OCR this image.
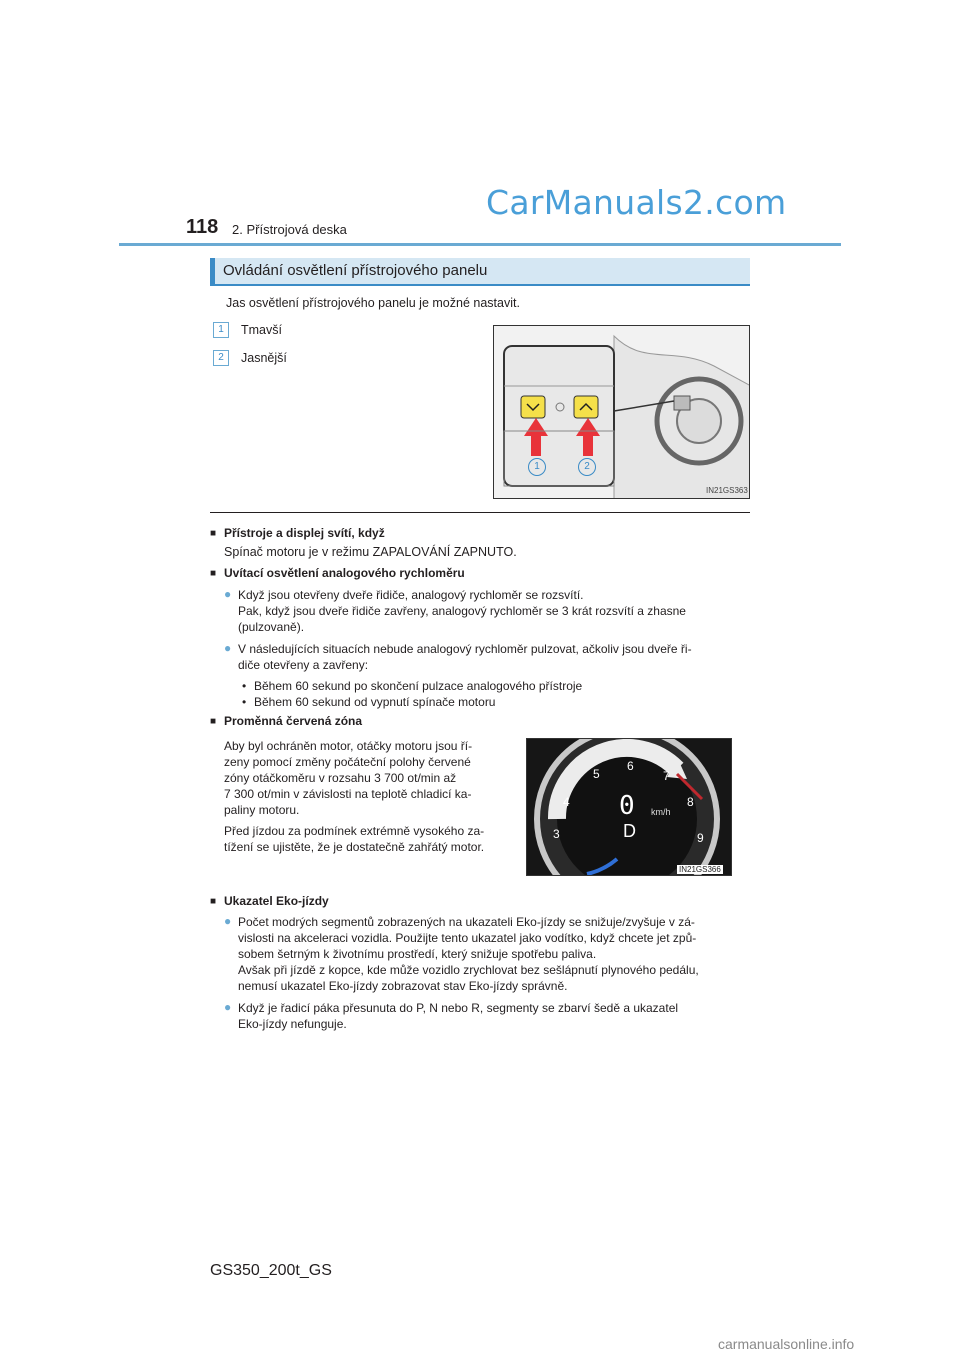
CarManuals2.com
118 2. Přístrojová deska
Ovládání osvětlení přístrojového panelu
Jas osvětlení přístrojového panelu je možné nastavit.
1	Tmavší
2	Jasnější
1	2
IN21GS363
■ Přístroje a displej svítí, když
Spínač motoru je v režimu ZAPALOVÁNÍ ZAPNUTO.
■ Uvítací osvětlení analogového rychloměru
● Když jsou otevřeny dveře řidiče, analogový rychloměr se rozsvítí.
Pak, když jsou dveře řidiče zavřeny, analogový rychloměr se 3 krát rozsvítí a zhasne
(pulzovaně).
● V následujících situacích nebude analogový rychloměr pulzovat, ačkoliv jsou dveře ři-
diče otevřeny a zavřeny:
• Během 60 sekund po skončení pulzace analogového přístroje
• Během 60 sekund od vypnutí spínače motoru
■ Proměnná červená zóna
Aby byl ochráněn motor, otáčky motoru jsou ří-
zeny pomocí změny počáteční polohy červené
zóny otáčkoměru v rozsahu 3 700 ot/min až
7 300 ot/min v závislosti na teplotě chladicí ka-
paliny motoru.
Před jízdou za podmínek extrémně vysokého za-
tížení se ujistěte, že je dostatečně zahřátý motor.
3
4
5
6
7
8
9
0 km/h
D
IN21GS366
■ Ukazatel Eko-jízdy
● Počet modrých segmentů zobrazených na ukazateli Eko-jízdy se snižuje/zvyšuje v zá-
vislosti na akceleraci vozidla. Použijte tento ukazatel jako vodítko, když chcete jet způ-
sobem šetrným k životnímu prostředí, který snižuje spotřebu paliva.
Avšak při jízdě z kopce, kde může vozidlo zrychlovat bez sešlápnutí plynového pedálu,
nemusí ukazatel Eko-jízdy zobrazovat stav Eko-jízdy správně.
● Když je řadicí páka přesunuta do P, N nebo R, segmenty se zbarví šedě a ukazatel
Eko-jízdy nefunguje.
GS350_200t_GS
carmanualsonline.info
